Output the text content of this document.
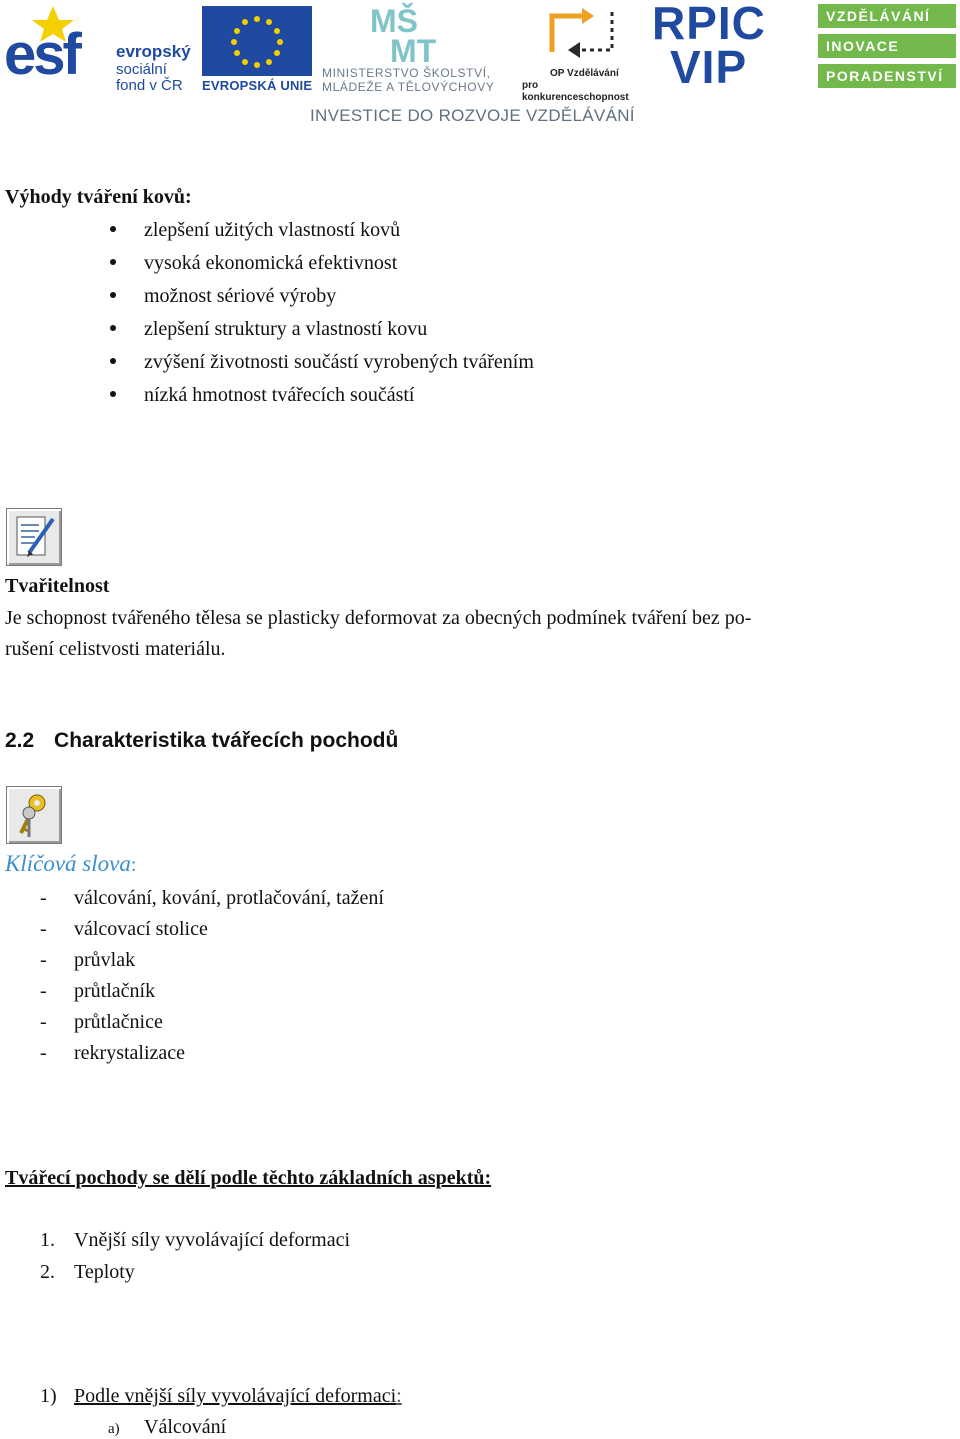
esf evropský
sociální
fond v ČR EVROPSKÁ UNIE
MŠ
MT
MINISTERSTVO ŠKOLSTVÍ,
MLÁDEŽE A TĚLOVÝCHOVY
OP Vzdělávání
pro konkurenceschopnost
RPIC
VIP
VZDĚLÁVÁNÍ
INOVACE
PORADENSTVÍ
INVESTICE DO ROZVOJE VZDĚLÁVÁNÍ
Výhody tváření kovů:
zlepšení užitých vlastností kovů
vysoká ekonomická efektivnost
možnost sériové výroby
zlepšení struktury a vlastností kovu
zvýšení životnosti součástí vyrobených tvářením
nízká hmotnost tvářecích součástí
Tvařitelnost
Je schopnost tvářeného tělesa se plasticky deformovat za obecných podmínek tváření bez po-
rušení celistvosti materiálu.
2.2 Charakteristika tvářecích pochodů
Klíčová slova:
- válcování, kování, protlačování, tažení
- válcovací stolice
- průvlak
- průtlačník
- průtlačnice
- rekrystalizace
Tvářecí pochody se dělí podle těchto základních aspektů:
1. Vnější síly vyvolávající deformaci
2. Teploty
1) Podle vnější síly vyvolávající deformaci:
a) Válcování
